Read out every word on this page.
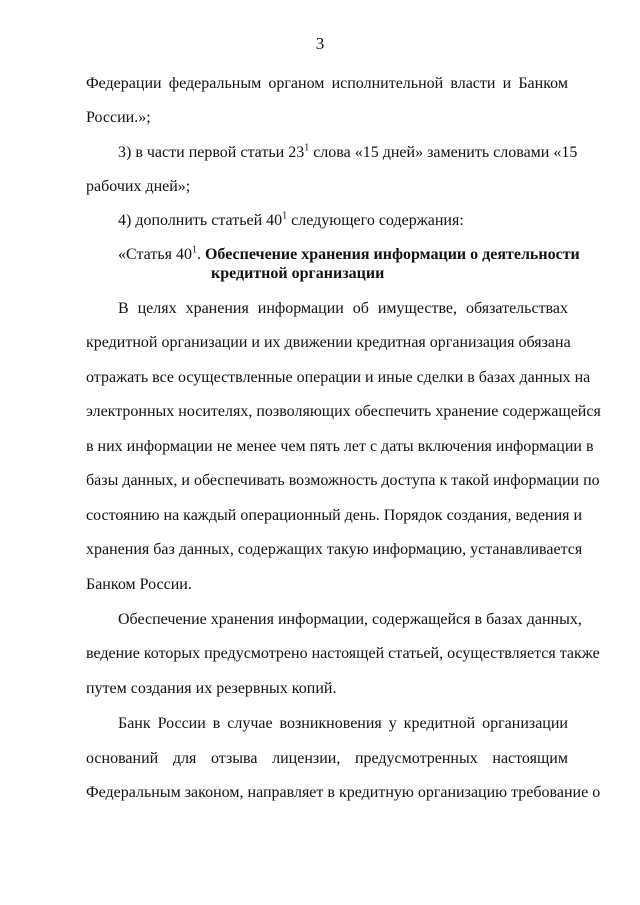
3
Федерации федеральным органом исполнительной власти и Банком
России.»;
3) в части первой статьи $23^1$ слова «15 дней» заменить словами «15
рабочих дней»;
4) дополнить статьей $40^1$ следующего содержания:
«Статья $40^1$. Обеспечение хранения информации о деятельности
кредитной организации
В целях хранения информации об имуществе, обязательствах
кредитной организации и их движении кредитная организация обязана
отражать все осуществленные операции и иные сделки в базах данных на
электронных носителях, позволяющих обеспечить хранение содержащейся
в них информации не менее чем пять лет с даты включения информации в
базы данных, и обеспечивать возможность доступа к такой информации по
состоянию на каждый операционный день. Порядок создания, ведения и
хранения баз данных, содержащих такую информацию, устанавливается
Банком России.
Обеспечение хранения информации, содержащейся в базах данных,
ведение которых предусмотрено настоящей статьей, осуществляется также
путем создания их резервных копий.
Банк России в случае возникновения у кредитной организации
оснований для отзыва лицензии, предусмотренных настоящим
Федеральным законом, направляет в кредитную организацию требование о
